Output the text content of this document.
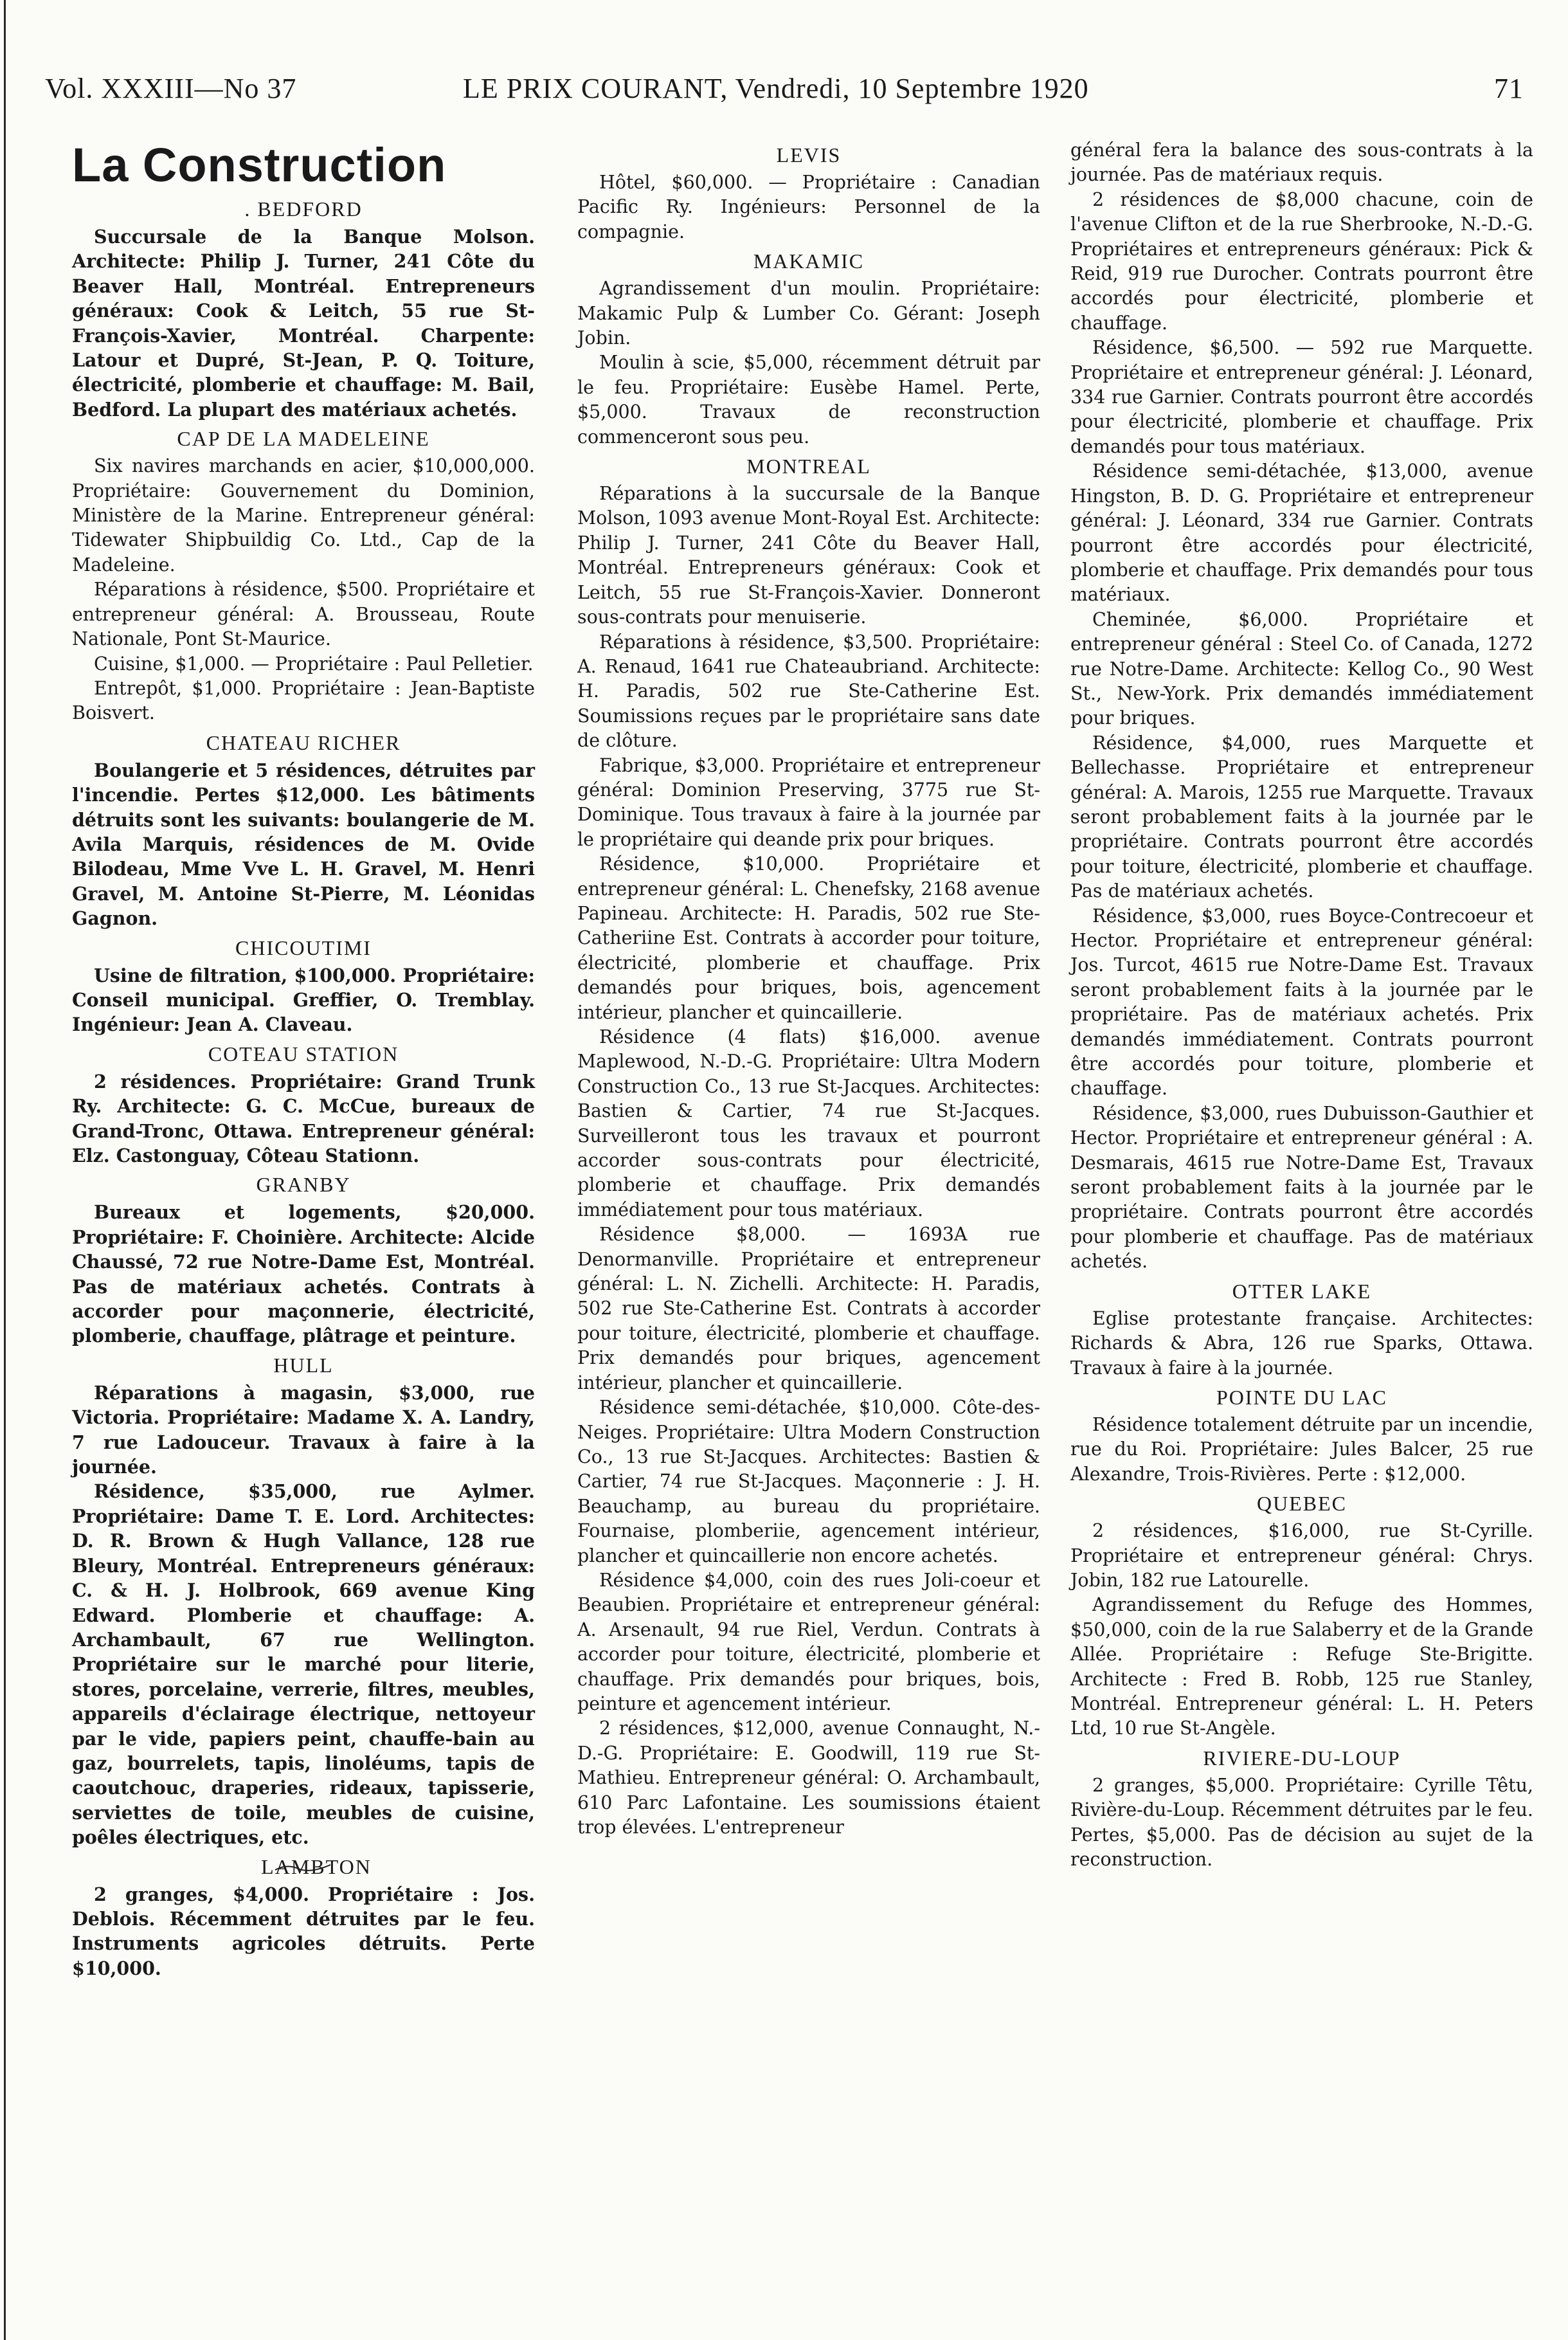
Vol. XXXIII—No 37	LE PRIX COURANT, Vendredi, 10 Septembre 1920	71
La Construction
. BEDFORD

Succursale de la Banque Molson. Architecte: Philip J. Turner, 241 Côte du Beaver Hall, Montréal. Entrepreneurs généraux: Cook & Leitch, 55 rue St-François-Xavier, Montréal. Charpente: Latour et Dupré, St-Jean, P. Q. Toiture, électricité, plomberie et chauffage: M. Bail, Bedford. La plupart des matériaux achetés.

CAP DE LA MADELEINE

Six navires marchands en acier, $10,000,000. Propriétaire: Gouvernement du Dominion, Ministère de la Marine. Entrepreneur général: Tidewater Shipbuildig Co. Ltd., Cap de la Madeleine.

Réparations à résidence, $500. Propriétaire et entrepreneur général: A. Brousseau, Route Nationale, Pont St-Maurice.

Cuisine, $1,000. — Propriétaire : Paul Pelletier.

Entrepôt, $1,000. Propriétaire : Jean-Baptiste Boisvert.

CHATEAU RICHER

Boulangerie et 5 résidences, détruites par l'incendie. Pertes $12,000. Les bâtiments détruits sont les suivants: boulangerie de M. Avila Marquis, résidences de M. Ovide Bilodeau, Mme Vve L. H. Gravel, M. Henri Gravel, M. Antoine St-Pierre, M. Léonidas Gagnon.

CHICOUTIMI

Usine de filtration, $100,000. Propriétaire: Conseil municipal. Greffier, O. Tremblay. Ingénieur: Jean A. Claveau.

COTEAU STATION

2 résidences. Propriétaire: Grand Trunk Ry. Architecte: G. C. McCue, bureaux de Grand-Tronc, Ottawa. Entrepreneur général: Elz. Castonguay, Côteau Stationn.

GRANBY

Bureaux et logements, $20,000. Propriétaire: F. Choinière. Architecte: Alcide Chaussé, 72 rue Notre-Dame Est, Montréal. Pas de matériaux achetés. Contrats à accorder pour maçonnerie, électricité, plomberie, chauffage, plâtrage et peinture.

HULL

Réparations à magasin, $3,000, rue Victoria. Propriétaire: Madame X. A. Landry, 7 rue Ladouceur. Travaux à faire à la journée.

Résidence, $35,000, rue Aylmer. Propriétaire: Dame T. E. Lord. Architectes: D. R. Brown & Hugh Vallance, 128 rue Bleury, Montréal. Entrepreneurs généraux: C. & H. J. Holbrook, 669 avenue King Edward. Plomberie et chauffage: A. Archambault, 67 rue Wellington. Propriétaire sur le marché pour literie, stores, porcelaine, verrerie, filtres, meubles, appareils d'éclairage électrique, nettoyeur par le vide, papiers peint, chauffe-bain au gaz, bourrelets, tapis, linoléums, tapis de caoutchouc, draperies, rideaux, tapisserie, serviettes de toile, meubles de cuisine, poêles électriques, etc.

LAMBTON

2 granges, $4,000. Propriétaire : Jos. Deblois. Récemment détruites par le feu. Instruments agricoles détruits. Perte $10,000.

LEVIS

Hôtel, $60,000. — Propriétaire : Canadian Pacific Ry. Ingénieurs: Personnel de la compagnie.

MAKAMIC

Agrandissement d'un moulin. Propriétaire: Makamic Pulp & Lumber Co. Gérant: Joseph Jobin.

Moulin à scie, $5,000, récemment détruit par le feu. Propriétaire: Eusèbe Hamel. Perte, $5,000. Travaux de reconstruction commenceront sous peu.

MONTREAL

Réparations à la succursale de la Banque Molson, 1093 avenue Mont-Royal Est. Architecte: Philip J. Turner, 241 Côte du Beaver Hall, Montréal. Entrepreneurs généraux: Cook et Leitch, 55 rue St-François-Xavier. Donneront sous-contrats pour menuiserie.

Réparations à résidence, $3,500. Propriétaire: A. Renaud, 1641 rue Chateaubriand. Architecte: H. Paradis, 502 rue Ste-Catherine Est. Soumissions reçues par le propriétaire sans date de clôture.

Fabrique, $3,000. Propriétaire et entrepreneur général: Dominion Preserving, 3775 rue St-Dominique. Tous travaux à faire à la journée par le propriétaire qui deande prix pour briques.

Résidence, $10,000. Propriétaire et entrepreneur général: L. Chenefsky, 2168 avenue Papineau. Architecte: H. Paradis, 502 rue Ste-Catheriine Est. Contrats à accorder pour toiture, électricité, plomberie et chauffage. Prix demandés pour briques, bois, agencement intérieur, plancher et quincaillerie.

Résidence (4 flats) $16,000. avenue Maplewood, N.-D.-G. Propriétaire: Ultra Modern Construction Co., 13 rue St-Jacques. Architectes: Bastien & Cartier, 74 rue St-Jacques. Surveilleront tous les travaux et pourront accorder sous-contrats pour électricité, plomberie et chauffage. Prix demandés immédiatement pour tous matériaux.

Résidence $8,000. — 1693A rue Denormanville. Propriétaire et entrepreneur général: L. N. Zichelli. Architecte: H. Paradis, 502 rue Ste-Catherine Est. Contrats à accorder pour toiture, électricité, plomberie et chauffage. Prix demandés pour briques, agencement intérieur, plancher et quincaillerie.

Résidence semi-détachée, $10,000. Côte-des-Neiges. Propriétaire: Ultra Modern Construction Co., 13 rue St-Jacques. Architectes: Bastien & Cartier, 74 rue St-Jacques. Maçonnerie : J. H. Beauchamp, au bureau du propriétaire. Fournaise, plomberiie, agencement intérieur, plancher et quincaillerie non encore achetés.

Résidence $4,000, coin des rues Joli-coeur et Beaubien. Propriétaire et entrepreneur général: A. Arsenault, 94 rue Riel, Verdun. Contrats à accorder pour toiture, électricité, plomberie et chauffage. Prix demandés pour briques, bois, peinture et agencement intérieur.

2 résidences, $12,000, avenue Connaught, N.-D.-G. Propriétaire: E. Goodwill, 119 rue St-Mathieu. Entrepreneur général: O. Archambault, 610 Parc Lafontaine. Les soumissions étaient trop élevées. L'entrepreneur

général fera la balance des sous-contrats à la journée. Pas de matériaux requis.

2 résidences de $8,000 chacune, coin de l'avenue Clifton et de la rue Sherbrooke, N.-D.-G. Propriétaires et entrepreneurs généraux: Pick & Reid, 919 rue Durocher. Contrats pourront être accordés pour électricité, plomberie et chauffage.

Résidence, $6,500. — 592 rue Marquette. Propriétaire et entrepreneur général: J. Léonard, 334 rue Garnier. Contrats pourront être accordés pour électricité, plomberie et chauffage. Prix demandés pour tous matériaux.

Résidence semi-détachée, $13,000, avenue Hingston, B. D. G. Propriétaire et entrepreneur général: J. Léonard, 334 rue Garnier. Contrats pourront être accordés pour électricité, plomberie et chauffage. Prix demandés pour tous matériaux.

Cheminée, $6,000. Propriétaire et entrepreneur général : Steel Co. of Canada, 1272 rue Notre-Dame. Architecte: Kellog Co., 90 West St., New-York. Prix demandés immédiatement pour briques.

Résidence, $4,000, rues Marquette et Bellechasse. Propriétaire et entrepreneur général: A. Marois, 1255 rue Marquette. Travaux seront probablement faits à la journée par le propriétaire. Contrats pourront être accordés pour toiture, électricité, plomberie et chauffage. Pas de matériaux achetés.

Résidence, $3,000, rues Boyce-Contrecoeur et Hector. Propriétaire et entrepreneur général: Jos. Turcot, 4615 rue Notre-Dame Est. Travaux seront probablement faits à la journée par le propriétaire. Pas de matériaux achetés. Prix demandés immédiatement. Contrats pourront être accordés pour toiture, plomberie et chauffage.

Résidence, $3,000, rues Dubuisson-Gauthier et Hector. Propriétaire et entrepreneur général : A. Desmarais, 4615 rue Notre-Dame Est, Travaux seront probablement faits à la journée par le propriétaire. Contrats pourront être accordés pour plomberie et chauffage. Pas de matériaux achetés.

OTTER LAKE

Eglise protestante française. Architectes: Richards & Abra, 126 rue Sparks, Ottawa. Travaux à faire à la journée.

POINTE DU LAC

Résidence totalement détruite par un incendie, rue du Roi. Propriétaire: Jules Balcer, 25 rue Alexandre, Trois-Rivières. Perte : $12,000.

QUEBEC

2 résidences, $16,000, rue St-Cyrille. Propriétaire et entrepreneur général: Chrys. Jobin, 182 rue Latourelle.

Agrandissement du Refuge des Hommes, $50,000, coin de la rue Salaberry et de la Grande Allée. Propriétaire : Refuge Ste-Brigitte. Architecte : Fred B. Robb, 125 rue Stanley, Montréal. Entrepreneur général: L. H. Peters Ltd, 10 rue St-Angèle.

RIVIERE-DU-LOUP

2 granges, $5,000. Propriétaire: Cyrille Têtu, Rivière-du-Loup. Récemment détruites par le feu. Pertes, $5,000. Pas de décision au sujet de la reconstruction.
